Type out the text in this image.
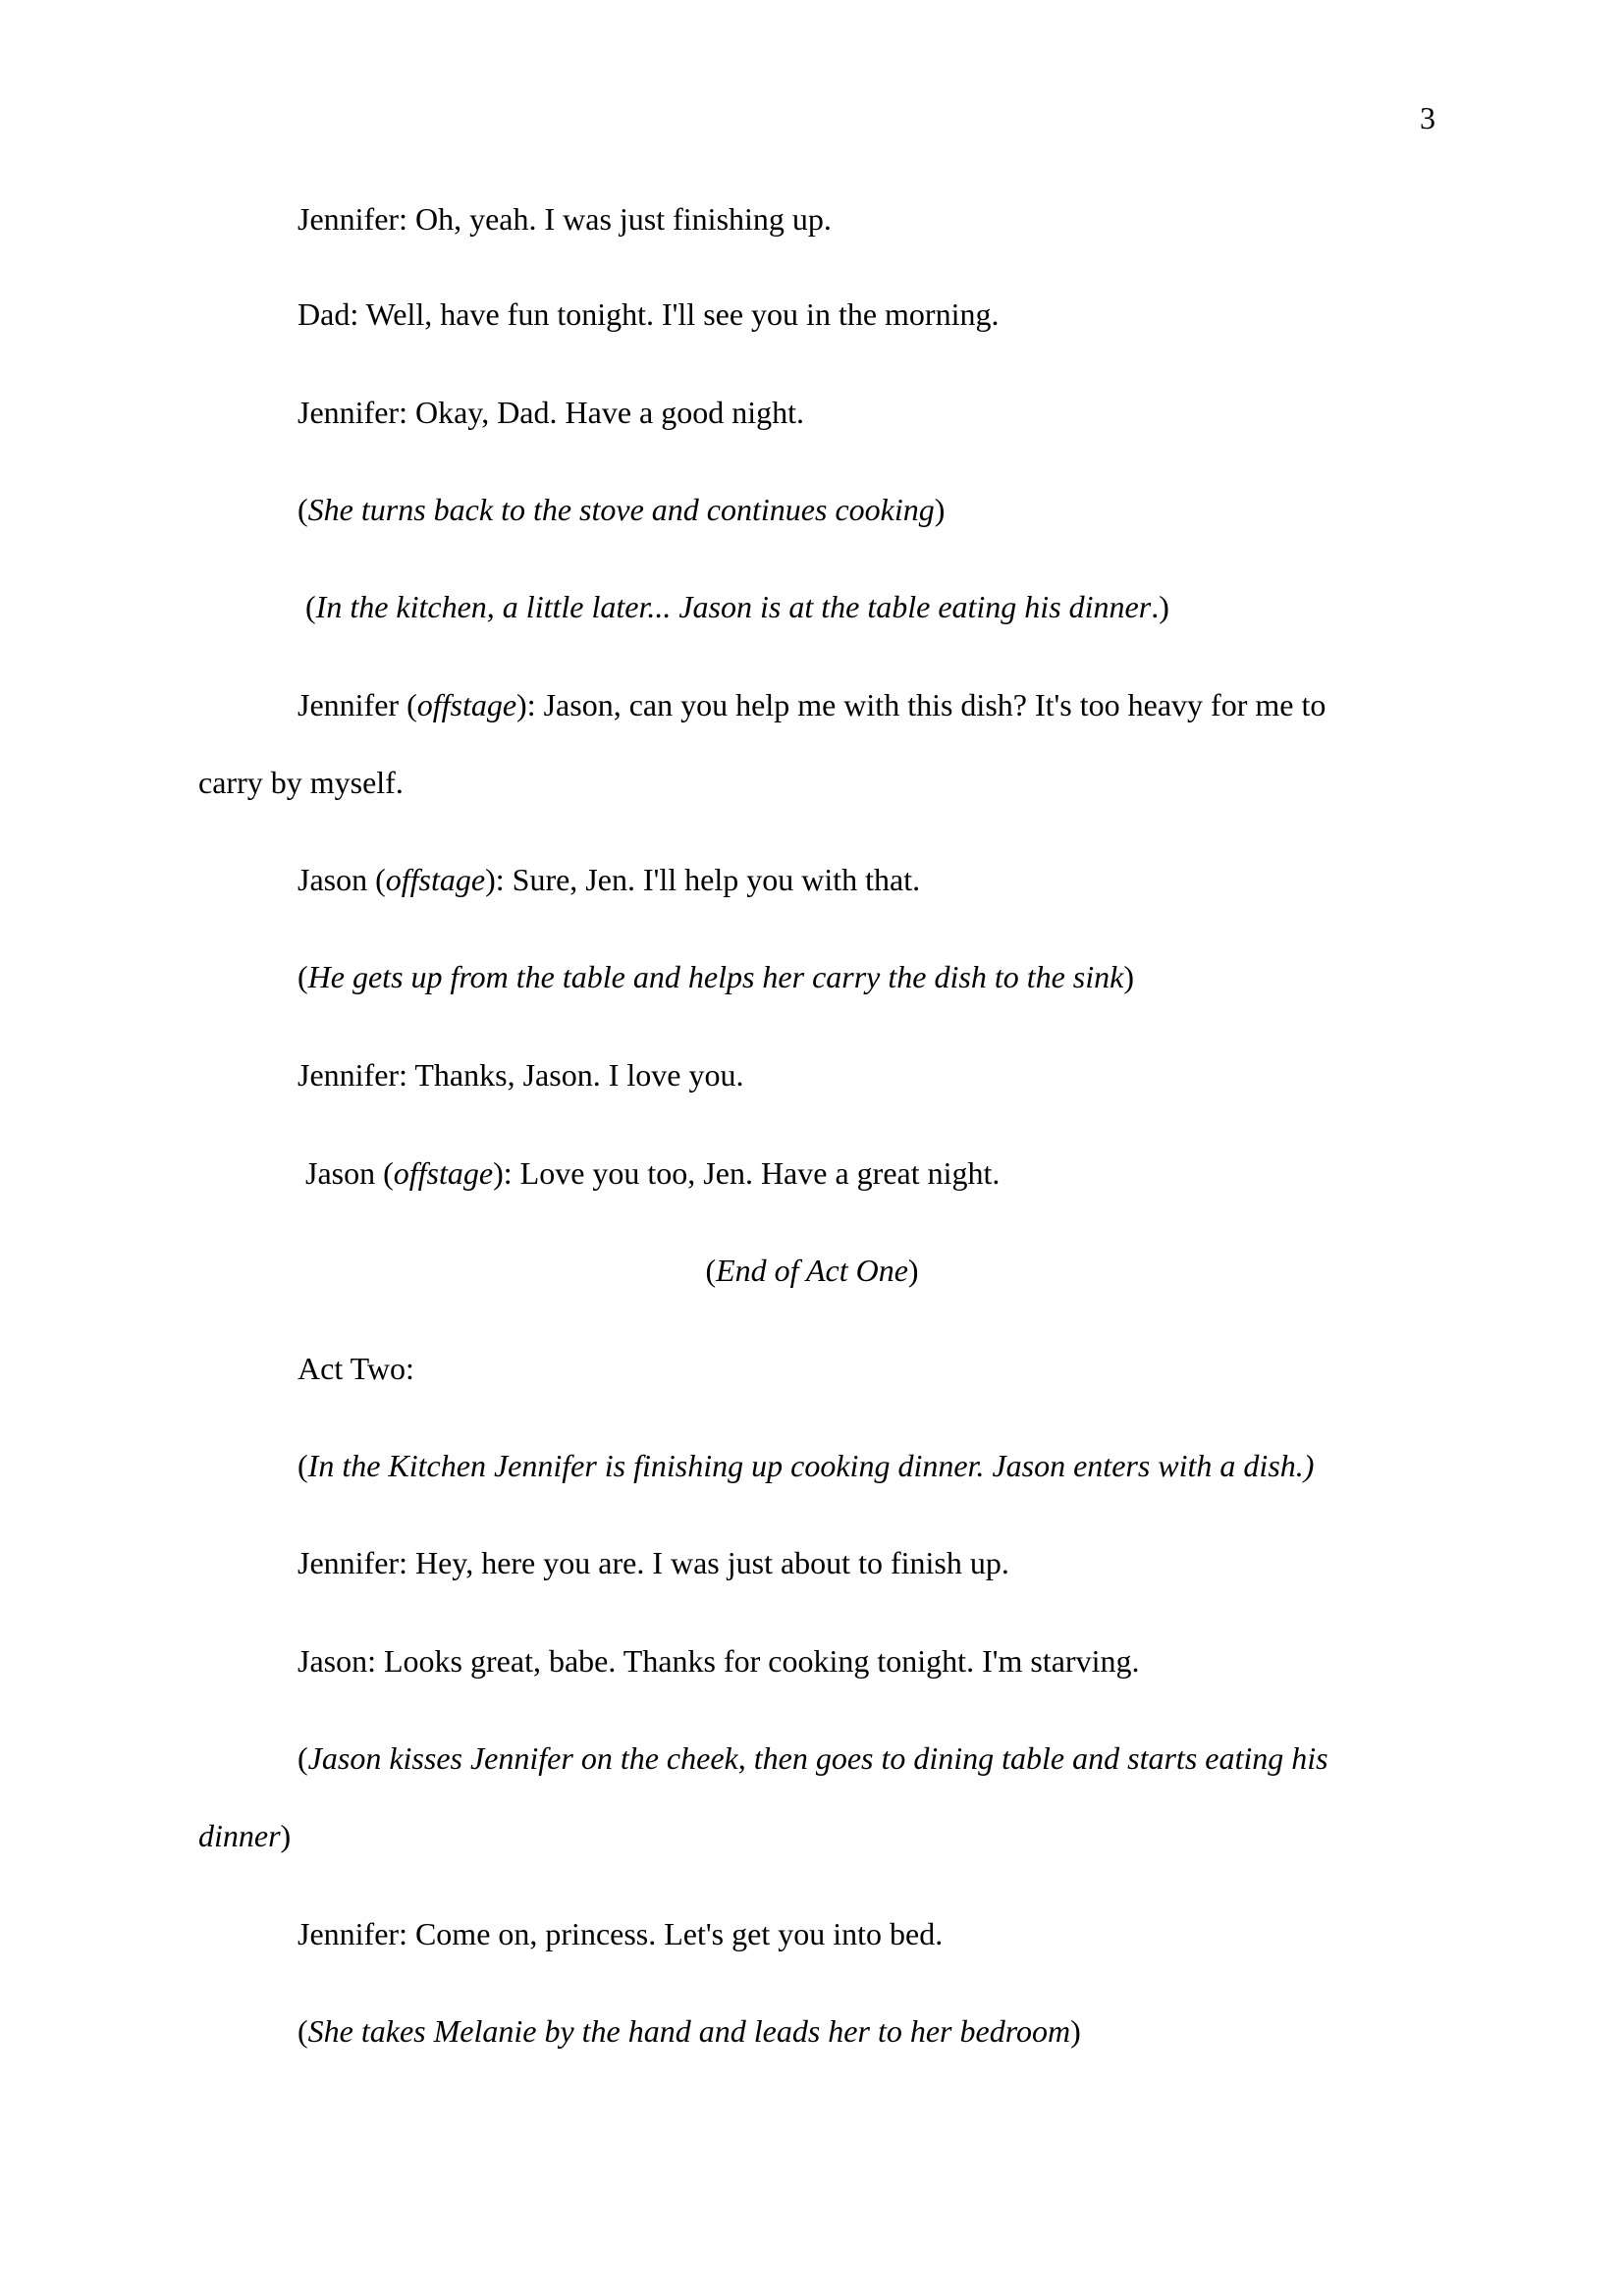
3

Jennifer: Oh, yeah. I was just finishing up.

Dad: Well, have fun tonight. I'll see you in the morning.

Jennifer: Okay, Dad. Have a good night.

(She turns back to the stove and continues cooking)

(In the kitchen, a little later... Jason is at the table eating his dinner.)

Jennifer (offstage): Jason, can you help me with this dish? It's too heavy for me to

carry by myself.

Jason (offstage): Sure, Jen. I'll help you with that.

(He gets up from the table and helps her carry the dish to the sink)

Jennifer: Thanks, Jason. I love you.

Jason (offstage): Love you too, Jen. Have a great night.

(End of Act One)

Act Two:

(In the Kitchen Jennifer is finishing up cooking dinner. Jason enters with a dish.)

Jennifer: Hey, here you are. I was just about to finish up.

Jason: Looks great, babe. Thanks for cooking tonight. I'm starving.

(Jason kisses Jennifer on the cheek, then goes to dining table and starts eating his

dinner)

Jennifer: Come on, princess. Let's get you into bed.

(She takes Melanie by the hand and leads her to her bedroom)
